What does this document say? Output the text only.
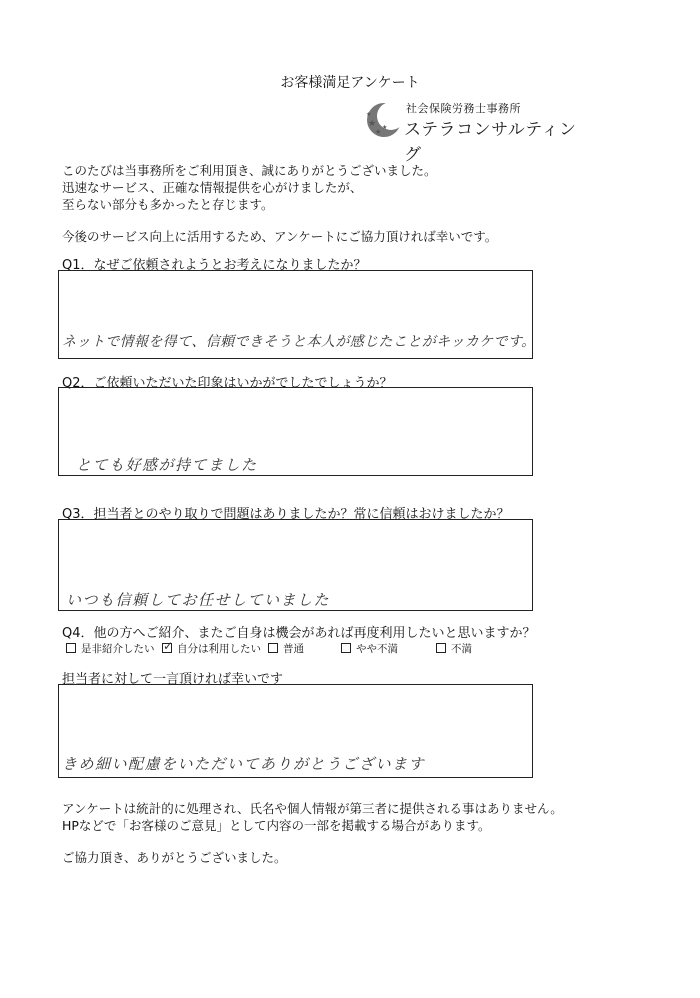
お客様満足アンケート
★
★
★
★	社会保険労務士事務所
ステラコンサルティング
このたびは当事務所をご利用頂き、誠にありがとうございました。
迅速なサービス、正確な情報提供を心がけましたが、
至らない部分も多かったと存じます。
今後のサービス向上に活用するため、アンケートにご協力頂ければ幸いです。
Q1．なぜご依頼されようとお考えになりましたか？
ネットで情報を得て、信頼できそうと本人が感じたことがキッカケです。
Q2．ご依頼いただいた印象はいかがでしたでしょうか？
とても好感が持てました
Q3．担当者とのやり取りで問題はありましたか？常に信頼はおけましたか？
いつも信頼してお任せしていました
Q4．他の方へご紹介、またご自身は機会があれば再度利用したいと思いますか？
是非紹介したい
✓	自分は利用したい	普通	やや不満	不満
担当者に対して一言頂ければ幸いです
きめ細い配慮をいただいてありがとうございます
アンケートは統計的に処理され、氏名や個人情報が第三者に提供される事はありません。
HPなどで「お客様のご意見」として内容の一部を掲載する場合があります。
ご協力頂き、ありがとうございました。
